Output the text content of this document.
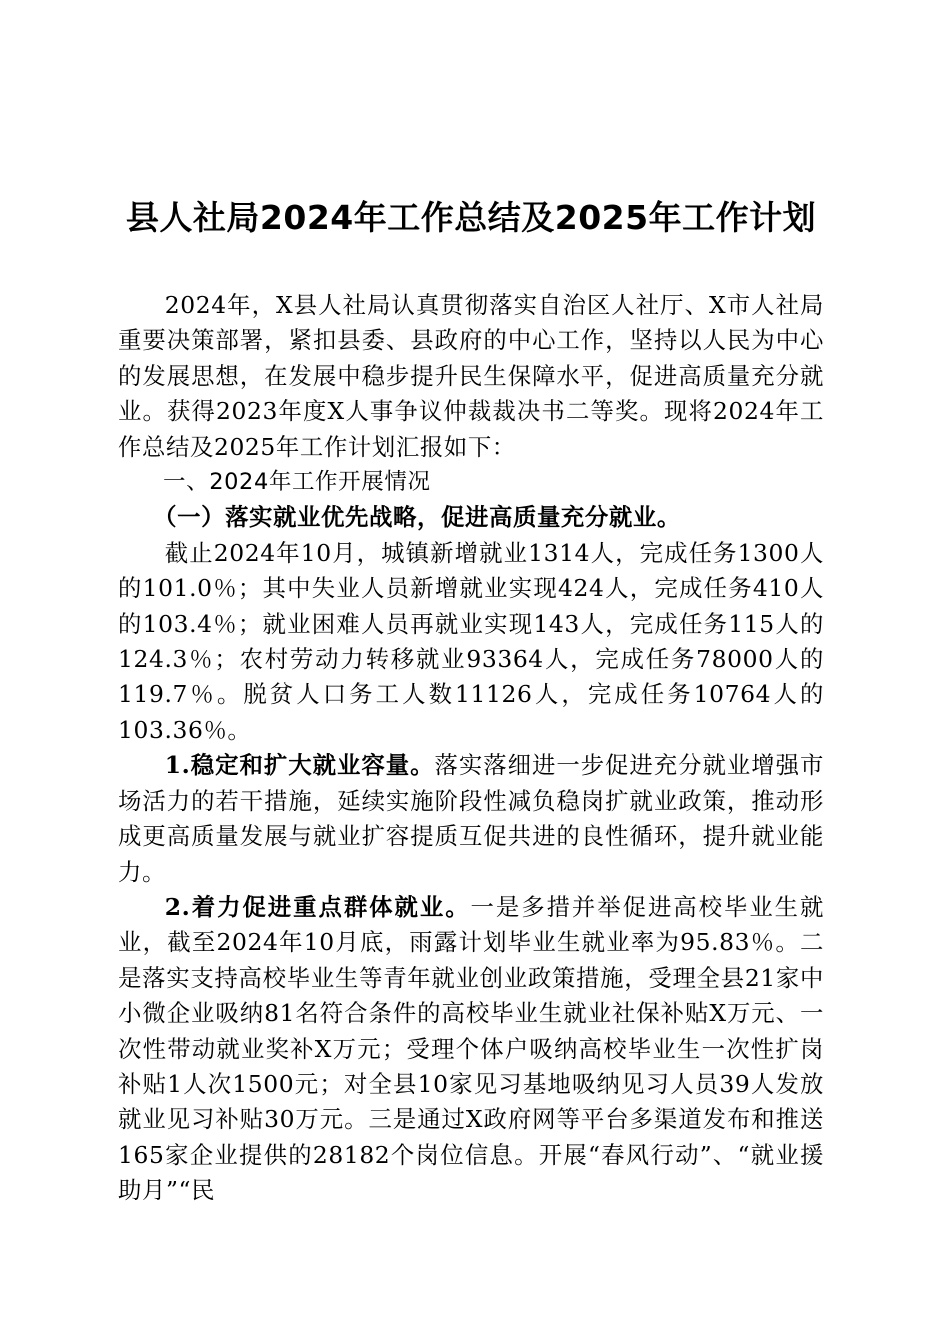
县人社局2024年工作总结及2025年工作计划

2024年，X县人社局认真贯彻落实自治区人社厅、X市人社局重要决策部署，紧扣县委、县政府的中心工作，坚持以人民为中心的发展思想，在发展中稳步提升民生保障水平，促进高质量充分就业。获得2023年度X人事争议仲裁裁决书二等奖。现将2024年工作总结及2025年工作计划汇报如下：

一、2024年工作开展情况

（一）落实就业优先战略，促进高质量充分就业。

截止2024年10月，城镇新增就业1314人，完成任务1300人的101.0％；其中失业人员新增就业实现424人，完成任务410人的103.4％；就业困难人员再就业实现143人，完成任务115人的124.3％；农村劳动力转移就业93364人，完成任务78000人的119.7％。脱贫人口务工人数11126人，完成任务10764人的103.36％。

1.稳定和扩大就业容量。落实落细进一步促进充分就业增强市场活力的若干措施，延续实施阶段性减负稳岗扩就业政策，推动形成更高质量发展与就业扩容提质互促共进的良性循环，提升就业能力。

2.着力促进重点群体就业。一是多措并举促进高校毕业生就业，截至2024年10月底，雨露计划毕业生就业率为95.83％。二是落实支持高校毕业生等青年就业创业政策措施，受理全县21家中小微企业吸纳81名符合条件的高校毕业生就业社保补贴X万元、一次性带动就业奖补X万元；受理个体户吸纳高校毕业生一次性扩岗补贴1人次1500元；对全县10家见习基地吸纳见习人员39人发放就业见习补贴30万元。三是通过X政府网等平台多渠道发布和推送165家企业提供的28182个岗位信息。开展“春风行动”、“就业援助月”“民
